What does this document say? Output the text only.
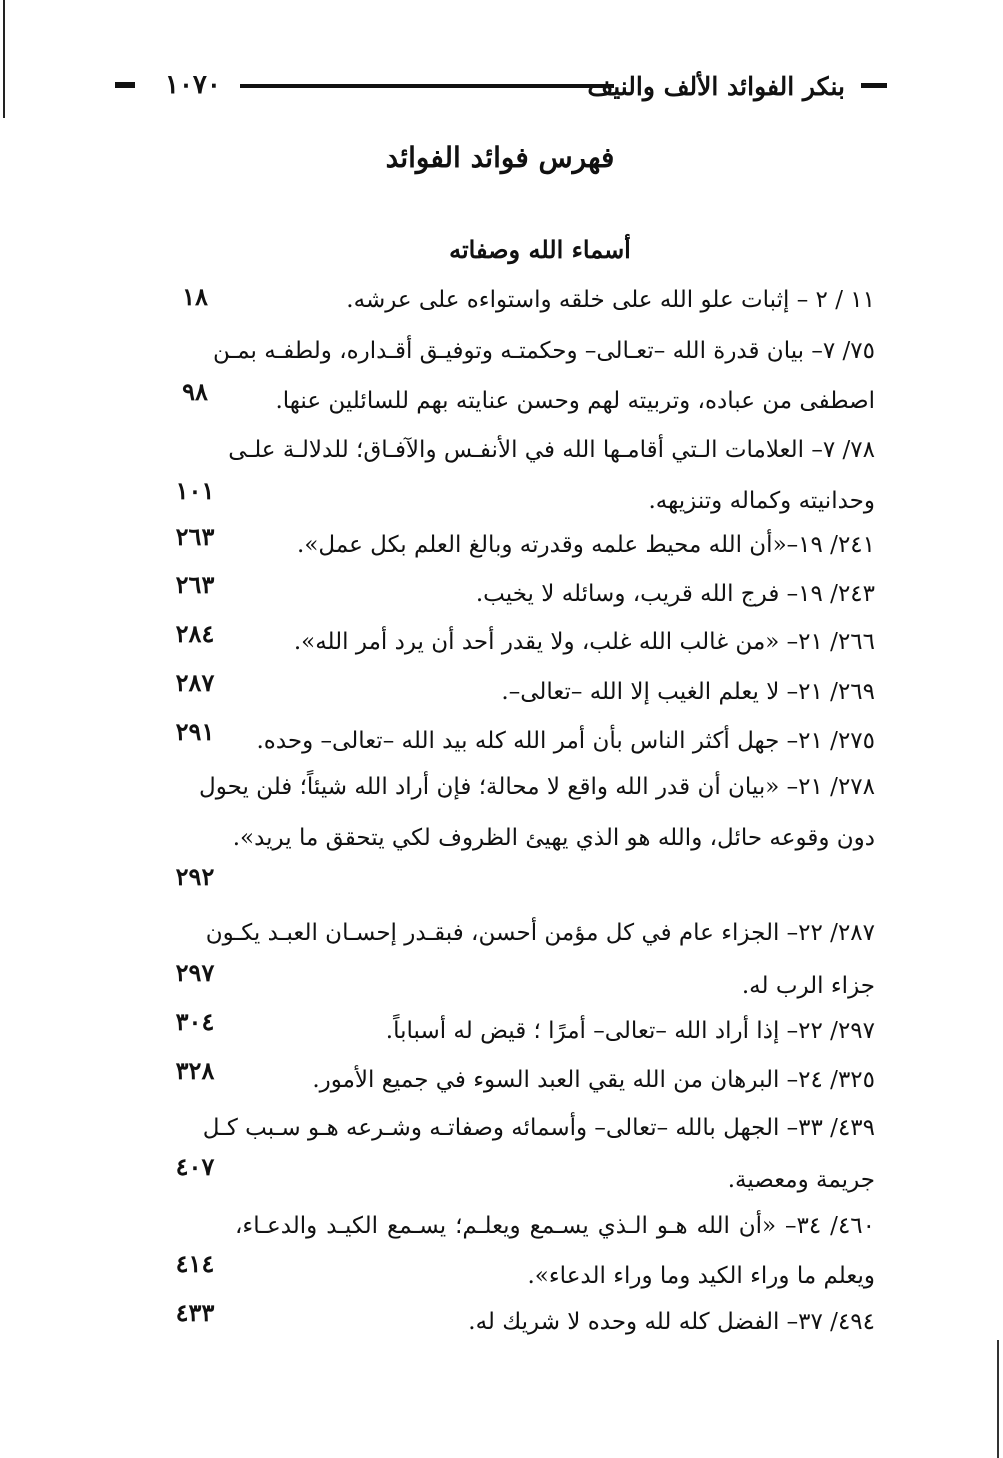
١٠٧٠	بنكر الفوائد الألف والنيف
فهرس فوائد الفوائد
أسماء الله وصفاته
١١ / ٢ – إثبات علو الله على خلقه واستواءه على عرشه.
١٨
٧٥/ ٧– بيان قدرة الله –تعـالى– وحكمتـه وتوفيـق أقـداره، ولطفـه بمـن
اصطفى من عباده، وتربيته لهم وحسن عنايته بهم للسائلين عنها.
٩٨
٧٨/ ٧– العلامات الـتي أقامـها الله في الأنفـس والآفـاق؛ للدلالـة علـى
وحدانيته وكماله وتنزيهه.
١٠١
٢٤١/ ١٩–«أن الله محيط علمه وقدرته وبالغ العلم بكل عمل».
٢٦٣
٢٤٣/ ١٩– فرج الله قريب، وسائله لا يخيب.
٢٦٣
٢٦٦/ ٢١– «من غالب الله غلب، ولا يقدر أحد أن يرد أمر الله».
٢٨٤
٢٦٩/ ٢١– لا يعلم الغيب إلا الله –تعالى–.
٢٨٧
٢٧٥/ ٢١– جهل أكثر الناس بأن أمر الله كله بيد الله –تعالى– وحده.
٢٩١
٢٧٨/ ٢١– «بيان أن قدر الله واقع لا محالة؛ فإن أراد الله شيئاً؛ فلن يحول
دون وقوعه حائل، والله هو الذي يهيئ الظروف لكي يتحقق ما يريد».
٢٩٢
٢٨٧/ ٢٢– الجزاء عام في كل مؤمن أحسن، فبقـدر إحسـان العبـد يكـون
جزاء الرب له.
٢٩٧
٢٩٧/ ٢٢– إذا أراد الله –تعالى– أمرًا ؛ قيض له أسباباً.
٣٠٤
٣٢٥/ ٢٤– البرهان من الله يقي العبد السوء في جميع الأمور.
٣٢٨
٤٣٩/ ٣٣– الجهل بالله –تعالى– وأسمائه وصفاتـه وشـرعه هـو سـبب كـل
جريمة ومعصية.
٤٠٧
٤٦٠/ ٣٤– «أن الله هـو الـذي يسـمع ويعلـم؛ يسـمع الكيـد والدعـاء،
ويعلم ما وراء الكيد وما وراء الدعاء».
٤١٤
٤٩٤/ ٣٧– الفضل كله لله وحده لا شريك له.
٤٣٣
